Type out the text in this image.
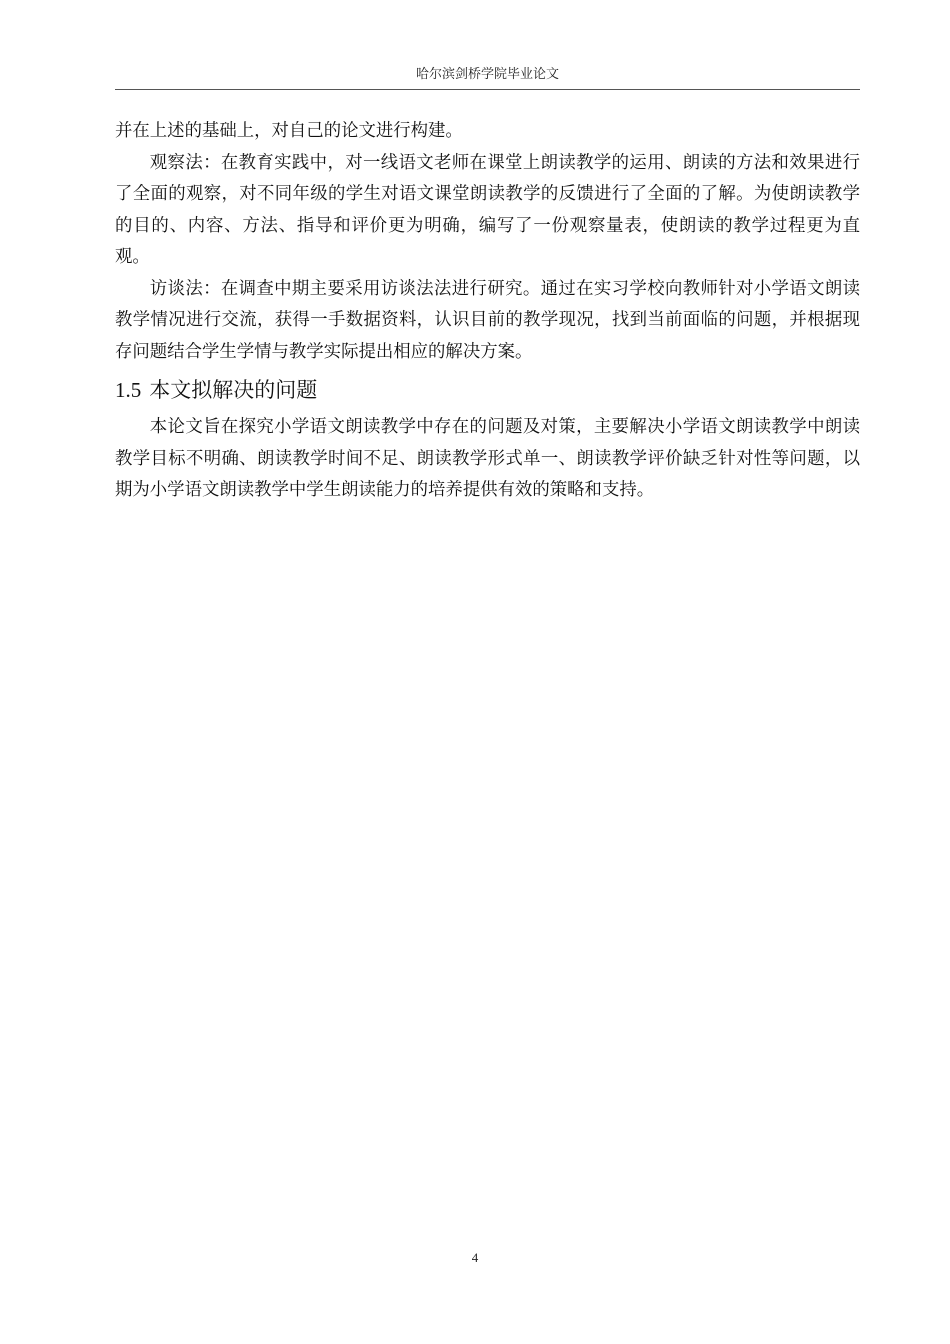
哈尔滨剑桥学院毕业论文

并在上述的基础上，对自己的论文进行构建。

观察法：在教育实践中，对一线语文老师在课堂上朗读教学的运用、朗读的方法和效果进行了全面的观察，对不同年级的学生对语文课堂朗读教学的反馈进行了全面的了解。为使朗读教学的目的、内容、方法、指导和评价更为明确，编写了一份观察量表，使朗读的教学过程更为直观。

访谈法：在调查中期主要采用访谈法法进行研究。通过在实习学校向教师针对小学语文朗读教学情况进行交流，获得一手数据资料，认识目前的教学现况，找到当前面临的问题，并根据现存问题结合学生学情与教学实际提出相应的解决方案。

1.5 本文拟解决的问题

本论文旨在探究小学语文朗读教学中存在的问题及对策，主要解决小学语文朗读教学中朗读教学目标不明确、朗读教学时间不足、朗读教学形式单一、朗读教学评价缺乏针对性等问题，以期为小学语文朗读教学中学生朗读能力的培养提供有效的策略和支持。

4
